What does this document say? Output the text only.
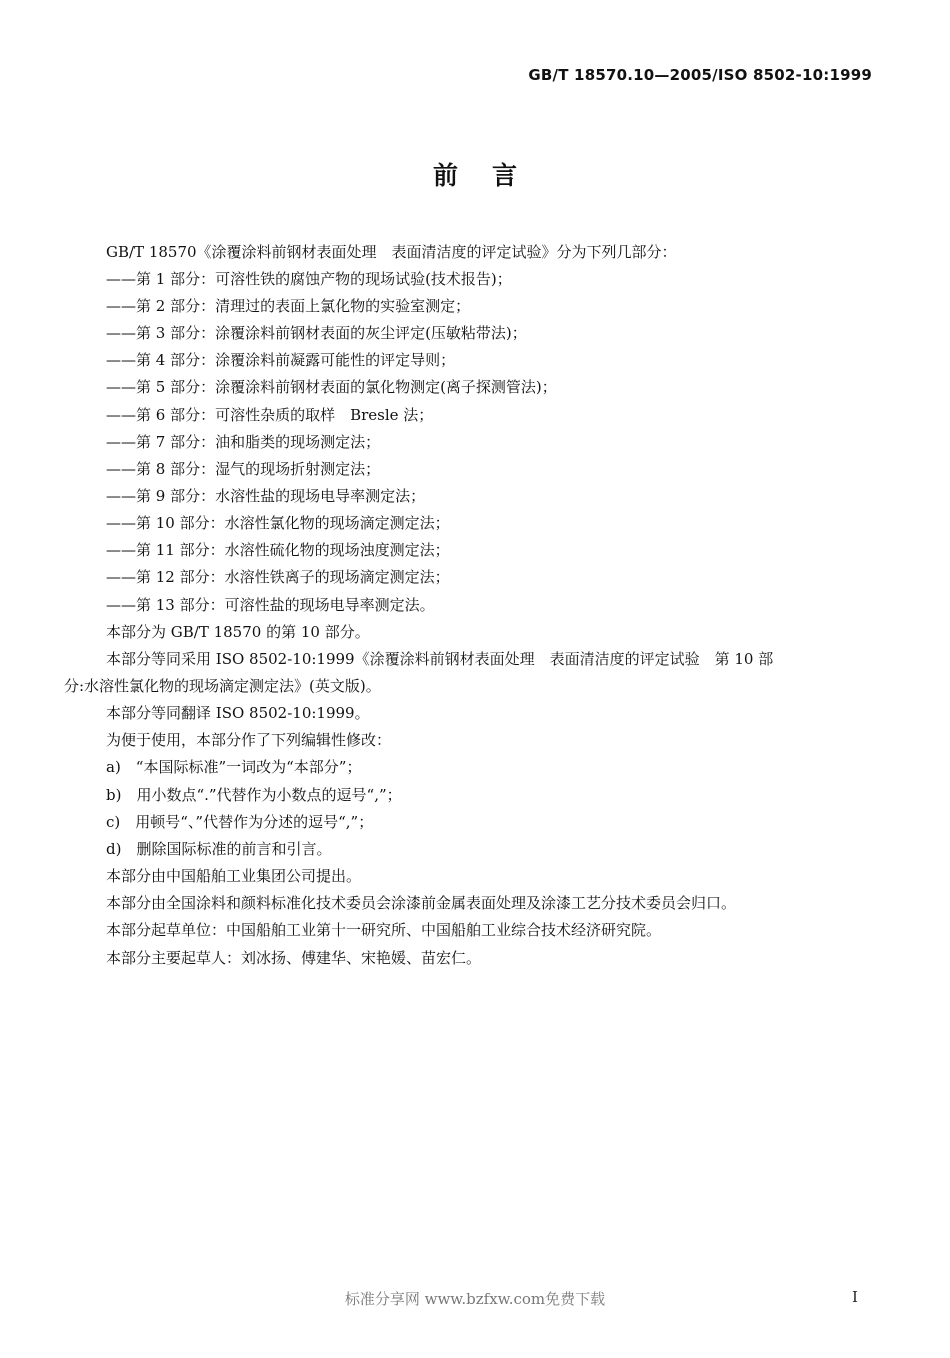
GB/T 18570.10—2005/ISO 8502-10:1999
前言
GB/T 18570《涂覆涂料前钢材表面处理　表面清洁度的评定试验》分为下列几部分：
——第 1 部分：可溶性铁的腐蚀产物的现场试验(技术报告)；
——第 2 部分：清理过的表面上氯化物的实验室测定；
——第 3 部分：涂覆涂料前钢材表面的灰尘评定(压敏粘带法)；
——第 4 部分：涂覆涂料前凝露可能性的评定导则；
——第 5 部分：涂覆涂料前钢材表面的氯化物测定(离子探测管法)；
——第 6 部分：可溶性杂质的取样　Bresle 法；
——第 7 部分：油和脂类的现场测定法；
——第 8 部分：湿气的现场折射测定法；
——第 9 部分：水溶性盐的现场电导率测定法；
——第 10 部分：水溶性氯化物的现场滴定测定法；
——第 11 部分：水溶性硫化物的现场浊度测定法；
——第 12 部分：水溶性铁离子的现场滴定测定法；
——第 13 部分：可溶性盐的现场电导率测定法。
本部分为 GB/T 18570 的第 10 部分。
本部分等同采用 ISO 8502-10:1999《涂覆涂料前钢材表面处理　表面清洁度的评定试验　第 10 部
分:水溶性氯化物的现场滴定测定法》(英文版)。
本部分等同翻译 ISO 8502-10:1999。
为便于使用，本部分作了下列编辑性修改：
a)　“本国际标准”一词改为“本部分”；
b)　用小数点“.”代替作为小数点的逗号“,”；
c)　用顿号“、”代替作为分述的逗号“,”；
d)　删除国际标准的前言和引言。
本部分由中国船舶工业集团公司提出。
本部分由全国涂料和颜料标准化技术委员会涂漆前金属表面处理及涂漆工艺分技术委员会归口。
本部分起草单位：中国船舶工业第十一研究所、中国船舶工业综合技术经济研究院。
本部分主要起草人：刘冰扬、傅建华、宋艳媛、苗宏仁。
标准分享网 www.bzfxw.com免费下载	I
